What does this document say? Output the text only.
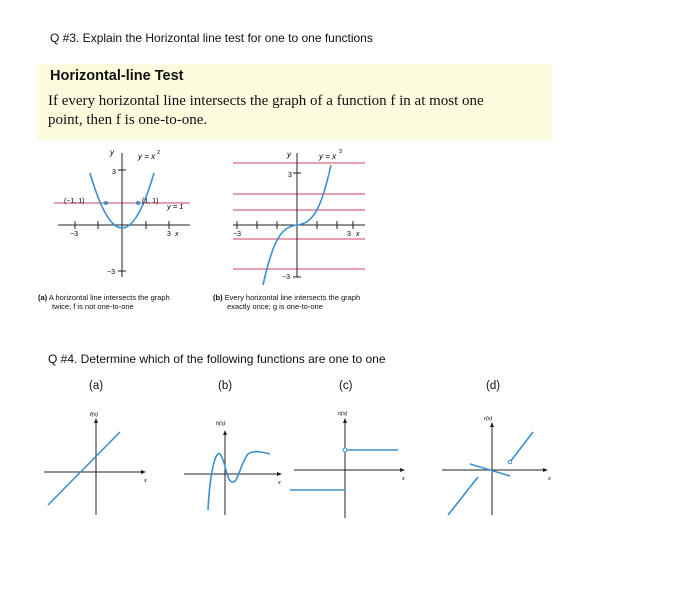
Q #3. Explain the Horizontal line test for one to one functions
Horizontal-line Test
If every horizontal line intersects the graph of a function f in at most one
point, then f is one-to-one.
y	y = x 2
3
−3
−3	3 x
(−1, 1)	(1, 1)
y = 1
y	y = x 3
3
−3
−3	3 x
(a) A horizontal line intersects the graph
twice; f is not one-to-one
(b) Every horizontal line intersects the graph
exactly once; g is one-to-one
Q #4. Determine which of the following functions are one to one
(a)	(b)	(c)	(d)
f(x)
x
h(x)
x
n(x)
x
r(x)
x
